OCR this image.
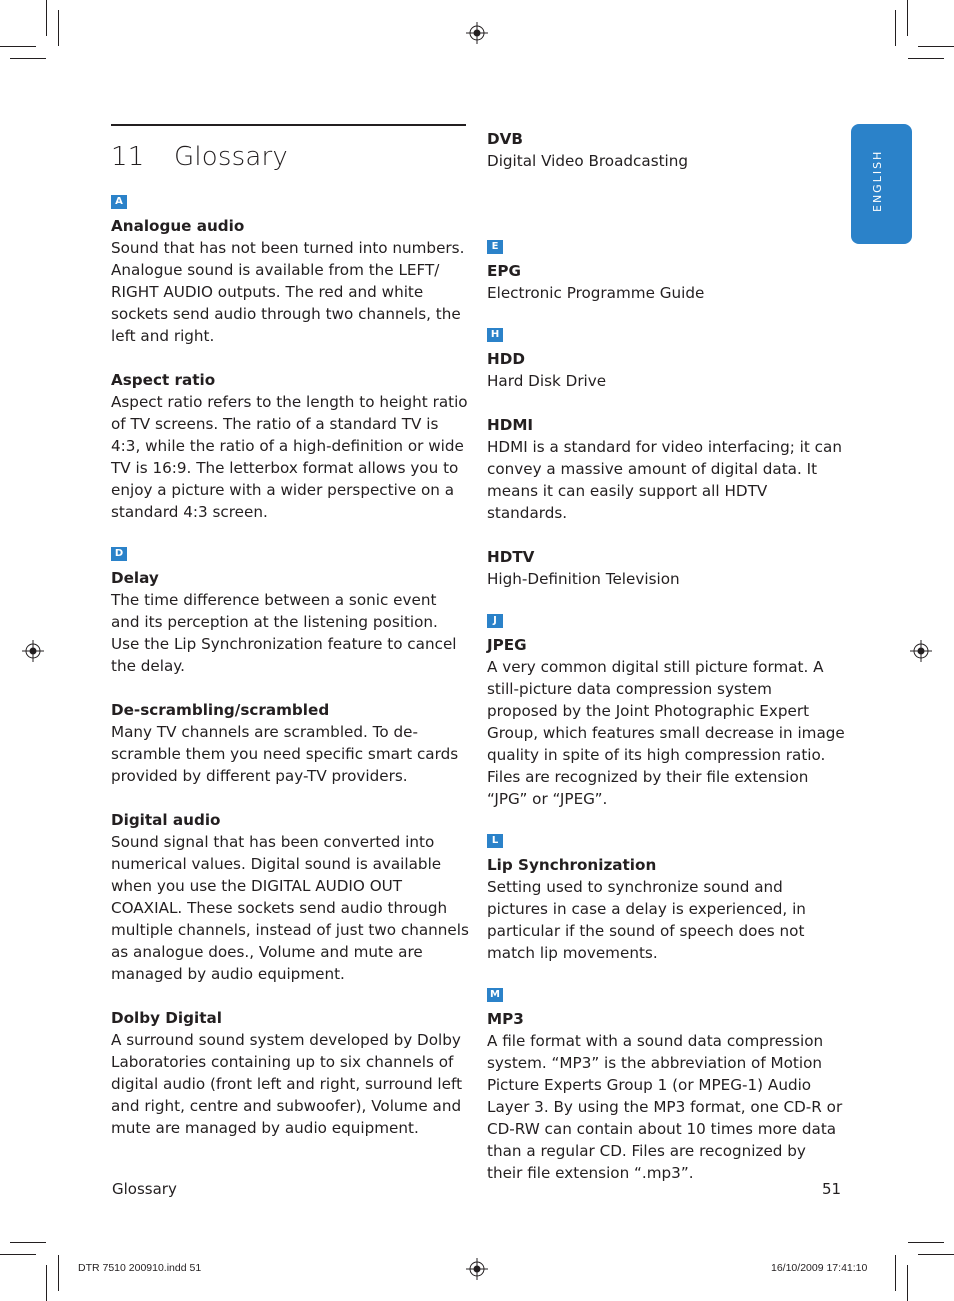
11 Glossary	ENGLISH
A
Analogue audio
Sound that has not been turned into numbers. Analogue sound is available from the LEFT/ RIGHT AUDIO outputs. The red and white sockets send audio through two channels, the left and right.
Aspect ratio
Aspect ratio refers to the length to height ratio of TV screens. The ratio of a standard TV is 4:3, while the ratio of a high-definition or wide TV is 16:9. The letterbox format allows you to enjoy a picture with a wider perspective on a standard 4:3 screen.
D
Delay
The time difference between a sonic event and its perception at the listening position. Use the Lip Synchronization feature to cancel the delay.
De-scrambling/scrambled
Many TV channels are scrambled. To de-scramble them you need specific smart cards provided by different pay-TV providers.
Digital audio
Sound signal that has been converted into numerical values. Digital sound is available when you use the DIGITAL AUDIO OUT COAXIAL. These sockets send audio through multiple channels, instead of just two channels as analogue does., Volume and mute are managed by audio equipment.
Dolby Digital
A surround sound system developed by Dolby Laboratories containing up to six channels of digital audio (front left and right, surround left and right, centre and subwoofer), Volume and mute are managed by audio equipment.
DVB
Digital Video Broadcasting
E
EPG
Electronic Programme Guide
H
HDD
Hard Disk Drive
HDMI
HDMI is a standard for video interfacing; it can convey a massive amount of digital data. It means it can easily support all HDTV standards.
HDTV
High-Definition Television
J
JPEG
A very common digital still picture format. A still-picture data compression system proposed by the Joint Photographic Expert Group, which features small decrease in image quality in spite of its high compression ratio. Files are recognized by their file extension “JPG” or “JPEG”.
L
Lip Synchronization
Setting used to synchronize sound and pictures in case a delay is experienced, in particular if the sound of speech does not match lip movements.
M
MP3
A file format with a sound data compression system. “MP3” is the abbreviation of Motion Picture Experts Group 1 (or MPEG-1) Audio Layer 3. By using the MP3 format, one CD-R or CD-RW can contain about 10 times more data than a regular CD. Files are recognized by their file extension “.mp3”.
Glossary	51
DTR 7510 200910.indd 51	16/10/2009 17:41:10
